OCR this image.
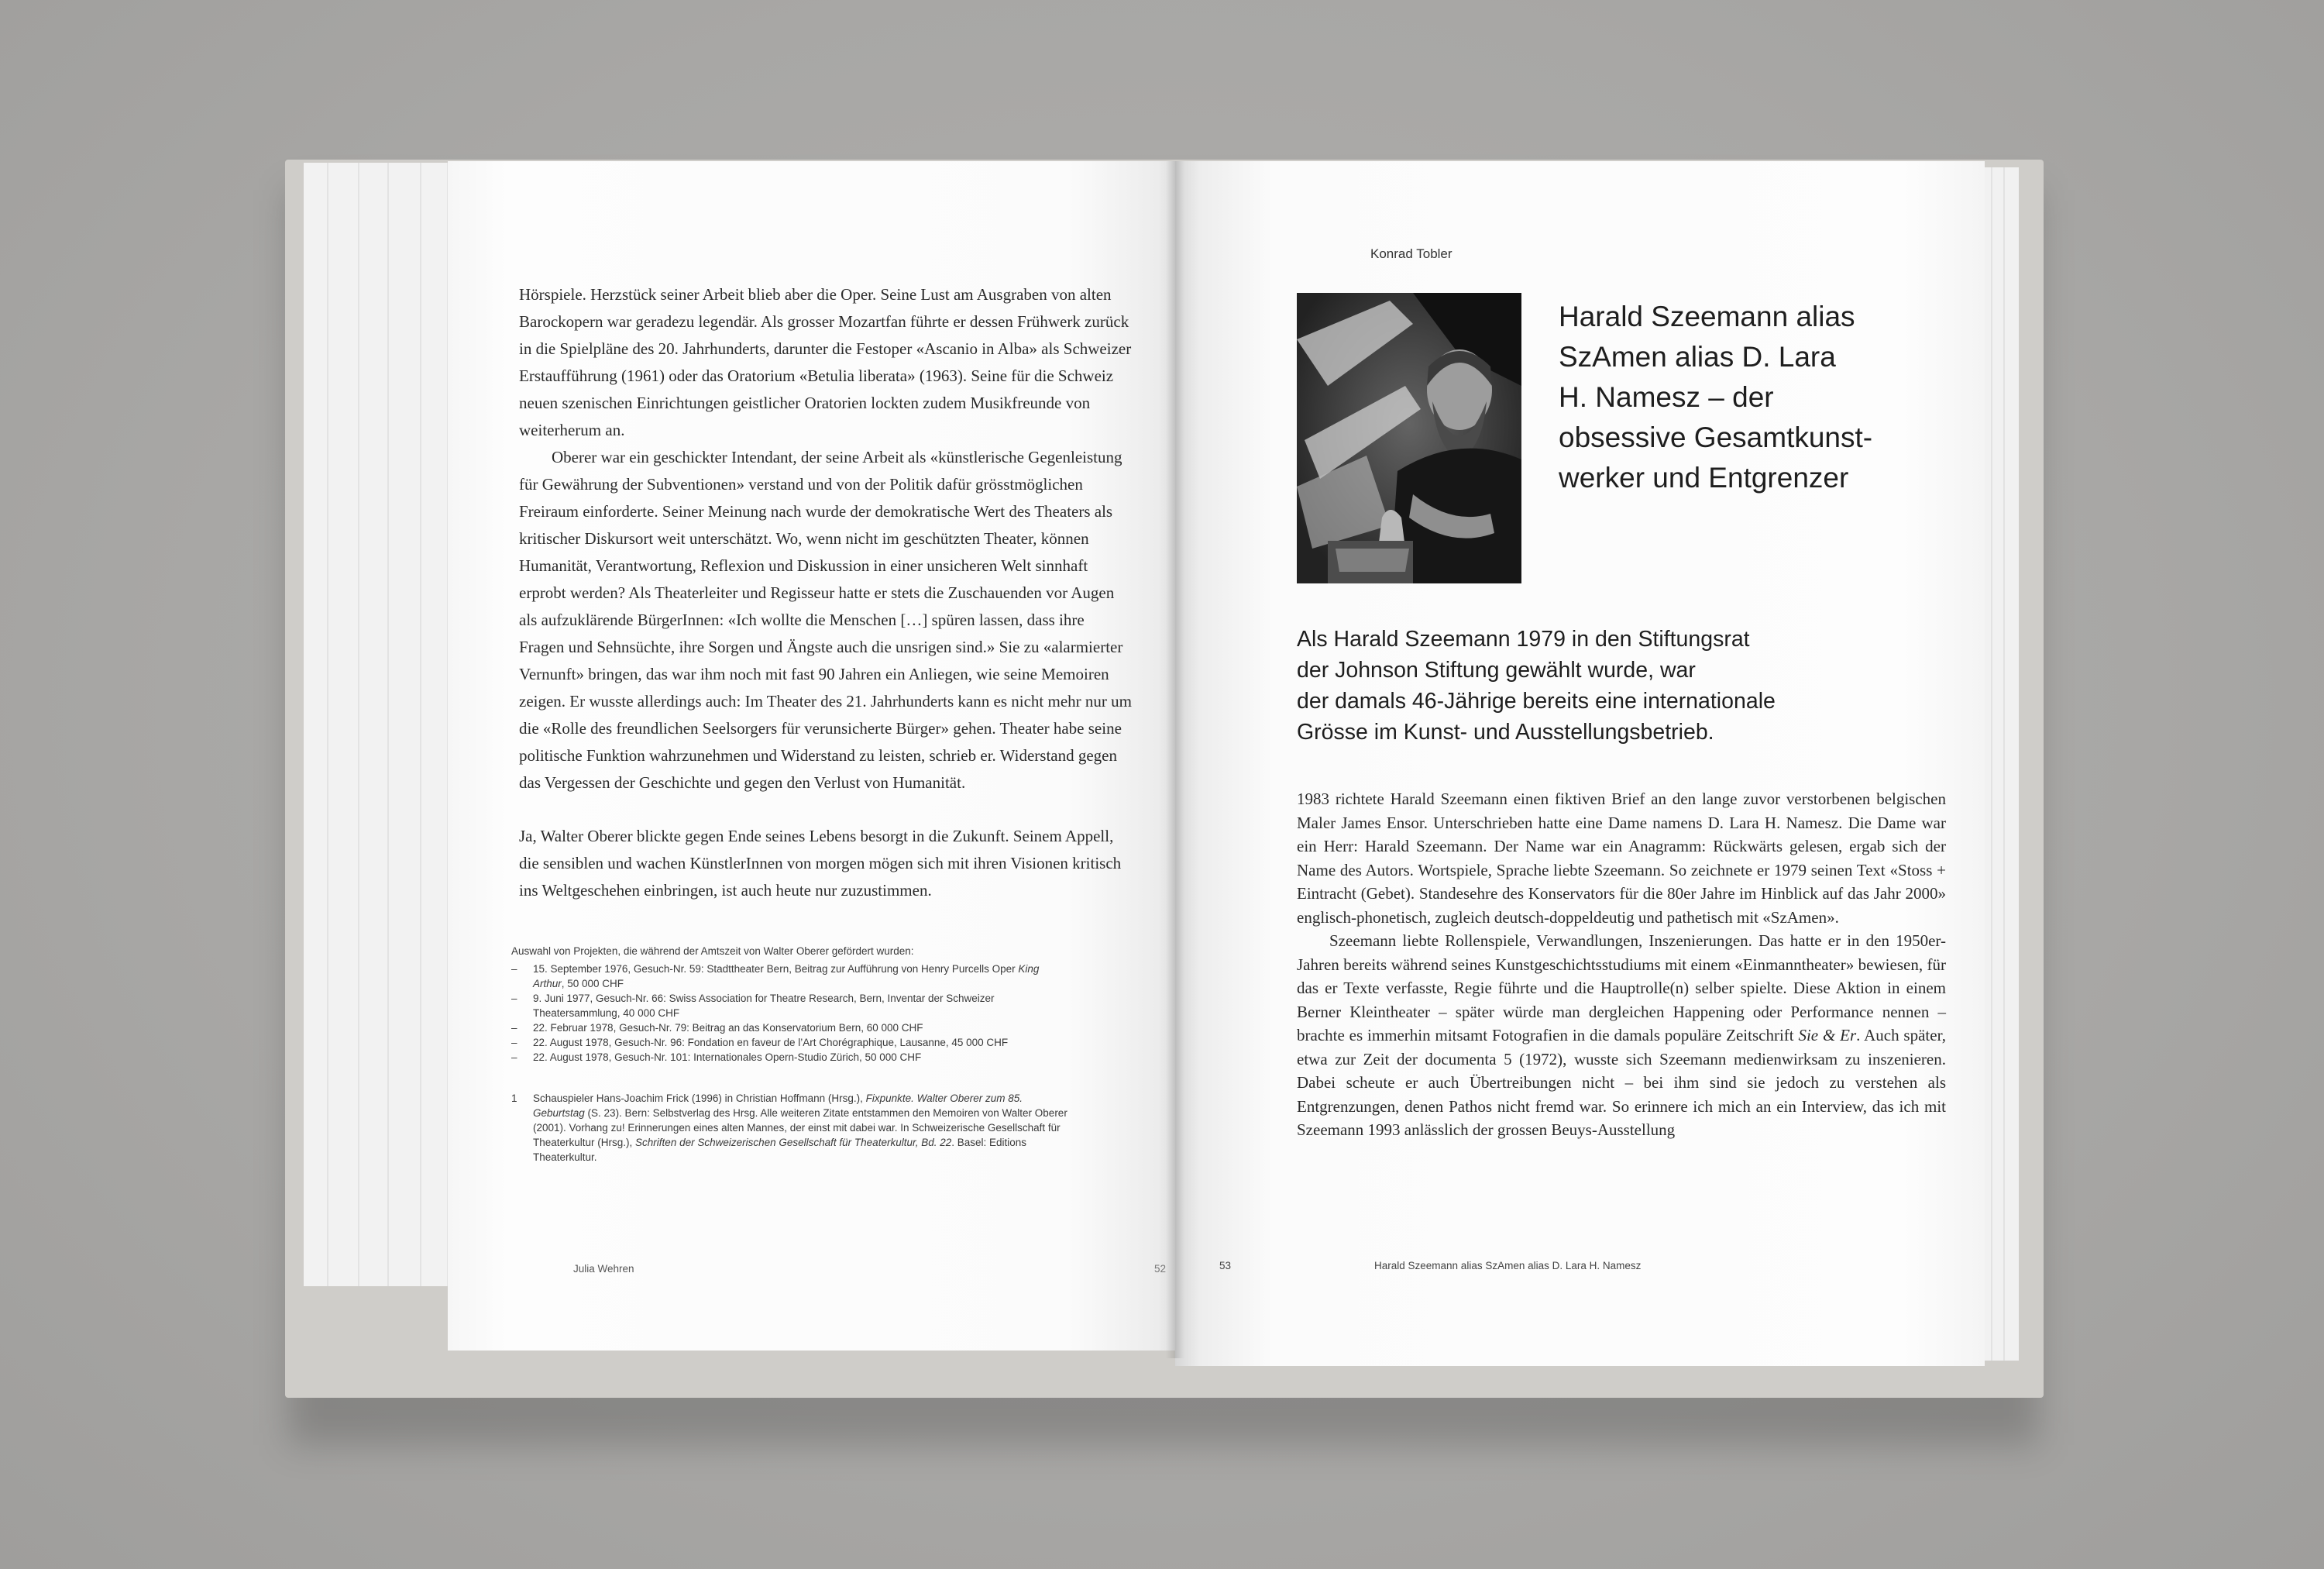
Hörspiele. Herzstück seiner Arbeit blieb aber die Oper. Seine Lust am Ausgraben von alten Barockopern war geradezu legendär. Als grosser Mozartfan führte er dessen Frühwerk zurück in die Spielpläne des 20. Jahrhunderts, darunter die Festoper «Ascanio in Alba» als Schweizer Erstaufführung (1961) oder das Oratorium «Betulia liberata» (1963). Seine für die Schweiz neuen szenischen Einrichtungen geistlicher Oratorien lockten zudem Musikfreunde von weiterherum an.

Oberer war ein geschickter Intendant, der seine Arbeit als «künstlerische Gegenleistung für Gewährung der Subventionen» verstand und von der Politik dafür grösstmöglichen Freiraum einforderte. Seiner Meinung nach wurde der demokratische Wert des Theaters als kritischer Diskursort weit unterschätzt. Wo, wenn nicht im geschützten Theater, können Humanität, Verantwortung, Reflexion und Diskussion in einer unsicheren Welt sinnhaft erprobt werden? Als Theaterleiter und Regisseur hatte er stets die Zuschauenden vor Augen als aufzuklärende BürgerInnen: «Ich wollte die Menschen […] spüren lassen, dass ihre Fragen und Sehnsüchte, ihre Sorgen und Ängste auch die unsrigen sind.» Sie zu «alarmierter Vernunft» bringen, das war ihm noch mit fast 90 Jahren ein Anliegen, wie seine Memoiren zeigen. Er wusste allerdings auch: Im Theater des 21. Jahrhunderts kann es nicht mehr nur um die «Rolle des freundlichen Seelsorgers für verunsicherte Bürger» gehen. Theater habe seine politische Funktion wahrzunehmen und Widerstand zu leisten, schrieb er. Widerstand gegen das Vergessen der Geschichte und gegen den Verlust von Humanität.

Ja, Walter Oberer blickte gegen Ende seines Lebens besorgt in die Zukunft. Seinem Appell, die sensiblen und wachen KünstlerInnen von morgen mögen sich mit ihren Visionen kritisch ins Weltgeschehen einbringen, ist auch heute nur zuzustimmen.

Auswahl von Projekten, die während der Amtszeit von Walter Oberer gefördert wurden:

– 15. September 1976, Gesuch-Nr. 59: Stadttheater Bern, Beitrag zur Aufführung von Henry Purcells Oper King Arthur, 50 000 CHF
– 9. Juni 1977, Gesuch-Nr. 66: Swiss Association for Theatre Research, Bern, Inventar der Schweizer Theatersammlung, 40 000 CHF
– 22. Februar 1978, Gesuch-Nr. 79: Beitrag an das Konservatorium Bern, 60 000 CHF
– 22. August 1978, Gesuch-Nr. 96: Fondation en faveur de l’Art Chorégraphique, Lausanne, 45 000 CHF
– 22. August 1978, Gesuch-Nr. 101: Internationales Opern-Studio Zürich, 50 000 CHF
1 Schauspieler Hans-Joachim Frick (1996) in Christian Hoffmann (Hrsg.), Fixpunkte. Walter Oberer zum 85. Geburtstag (S. 23). Bern: Selbstverlag des Hrsg. Alle weiteren Zitate entstammen den Memoiren von Walter Oberer (2001). Vorhang zu! Erinnerungen eines alten Mannes, der einst mit dabei war. In Schweizerische Gesellschaft für Theaterkultur (Hrsg.), Schriften der Schweizerischen Gesellschaft für Theaterkultur, Bd. 22. Basel: Editions Theaterkultur.
Julia Wehren	52
Konrad Tobler
Harald Szeemann alias
SzAmen alias D. Lara
H. Namesz – der
obsessive Gesamtkunst-
werker und Entgrenzer
Als Harald Szeemann 1979 in den Stiftungsrat
der Johnson Stiftung gewählt wurde, war
der damals 46-Jährige bereits eine internationale
Grösse im Kunst- und Ausstellungsbetrieb.

1983 richtete Harald Szeemann einen fiktiven Brief an den lange zuvor verstorbenen belgischen Maler James Ensor. Unterschrieben hatte eine Dame namens D. Lara H. Namesz. Die Dame war ein Herr: Harald Szeemann. Der Name war ein Anagramm: Rückwärts gelesen, ergab sich der Name des Autors. Wortspiele, Sprache liebte Szeemann. So zeichnete er 1979 seinen Text «Stoss + Eintracht (Gebet). Standesehre des Konservators für die 80er Jahre im Hinblick auf das Jahr 2000» englisch-phonetisch, zugleich deutsch-doppeldeutig und pathetisch mit «SzAmen».

Szeemann liebte Rollenspiele, Verwandlungen, Inszenierungen. Das hatte er in den 1950er-Jahren bereits während seines Kunstgeschichtsstudiums mit einem «Einmanntheater» bewiesen, für das er Texte verfasste, Regie führte und die Hauptrolle(n) selber spielte. Diese Aktion in einem Berner Kleintheater – später würde man dergleichen Happening oder Performance nennen – brachte es immerhin mitsamt Fotografien in die damals populäre Zeitschrift Sie & Er. Auch später, etwa zur Zeit der documenta 5 (1972), wusste sich Szeemann medienwirksam zu inszenieren. Dabei scheute er auch Übertreibungen nicht – bei ihm sind sie jedoch zu verstehen als Entgrenzungen, denen Pathos nicht fremd war. So erinnere ich mich an ein Interview, das ich mit Szeemann 1993 anlässlich der grossen Beuys-Ausstellung

53	Harald Szeemann alias SzAmen alias D. Lara H. Namesz
